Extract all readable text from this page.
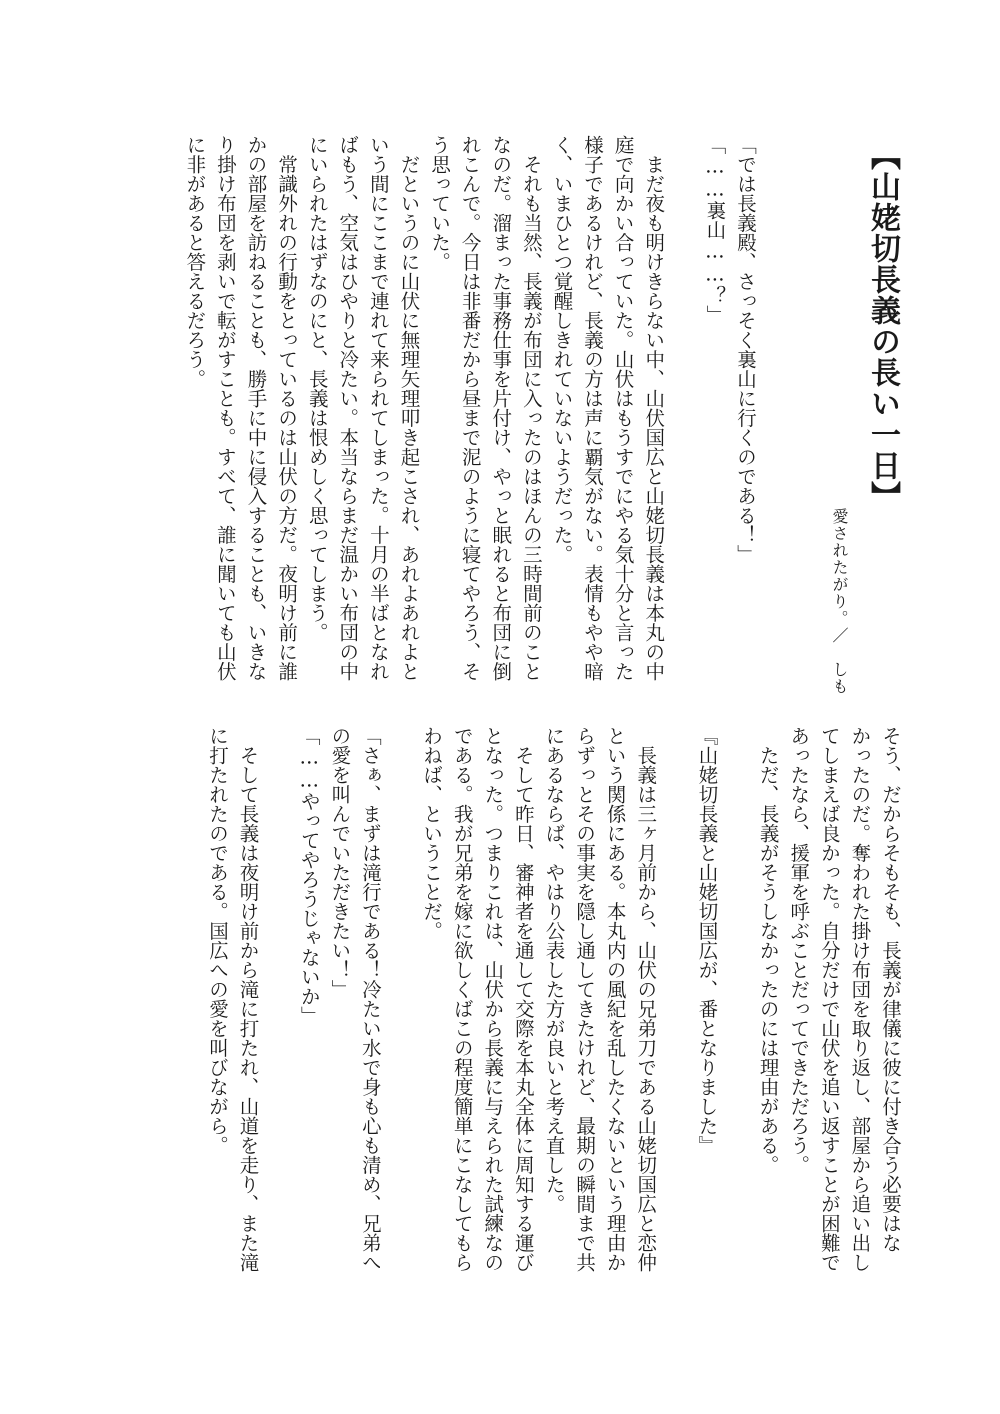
【山姥切長義の長い一日】
愛されたがり。／　しも
「では長義殿、さっそく裏山に行くのである！」
「……裏山……？」

　まだ夜も明けきらない中、山伏国広と山姥切長義は本丸の中
庭で向かい合っていた。山伏はもうすでにやる気十分と言った
様子であるけれど、長義の方は声に覇気がない。表情もやや暗
く、いまひとつ覚醒しきれていないようだった。
　それも当然、長義が布団に入ったのはほんの三時間前のこと
なのだ。溜まった事務仕事を片付け、やっと眠れると布団に倒
れこんで。今日は非番だから昼まで泥のように寝てやろう、そ
う思っていた。
　だというのに山伏に無理矢理叩き起こされ、あれよあれよと
いう間にここまで連れて来られてしまった。十月の半ばとなれ
ばもう、空気はひやりと冷たい。本当ならまだ温かい布団の中
にいられたはずなのにと、長義は恨めしく思ってしまう。
　常識外れの行動をとっているのは山伏の方だ。夜明け前に誰
かの部屋を訪ねることも、勝手に中に侵入することも、いきな
り掛け布団を剥いで転がすことも。すべて、誰に聞いても山伏
に非があると答えるだろう。
そう、だからそもそも、長義が律儀に彼に付き合う必要はな
かったのだ。奪われた掛け布団を取り返し、部屋から追い出し
てしまえば良かった。自分だけで山伏を追い返すことが困難で
あったなら、援軍を呼ぶことだってできただろう。
　ただ、長義がそうしなかったのには理由がある。

『山姥切長義と山姥切国広が、番となりました』

　長義は三ヶ月前から、山伏の兄弟刀である山姥切国広と恋仲
という関係にある。本丸内の風紀を乱したくないという理由か
らずっとその事実を隠し通してきたけれど、最期の瞬間まで共
にあるならば、やはり公表した方が良いと考え直した。
　そして昨日、審神者を通して交際を本丸全体に周知する運び
となった。つまりこれは、山伏から長義に与えられた試練なの
である。我が兄弟を嫁に欲しくばこの程度簡単にこなしてもら
わねば、ということだ。

「さぁ、まずは滝行である！冷たい水で身も心も清め、兄弟へ
の愛を叫んでいただきたい！」
「……やってやろうじゃないか」

　そして長義は夜明け前から滝に打たれ、山道を走り、また滝
に打たれたのである。国広への愛を叫びながら。
